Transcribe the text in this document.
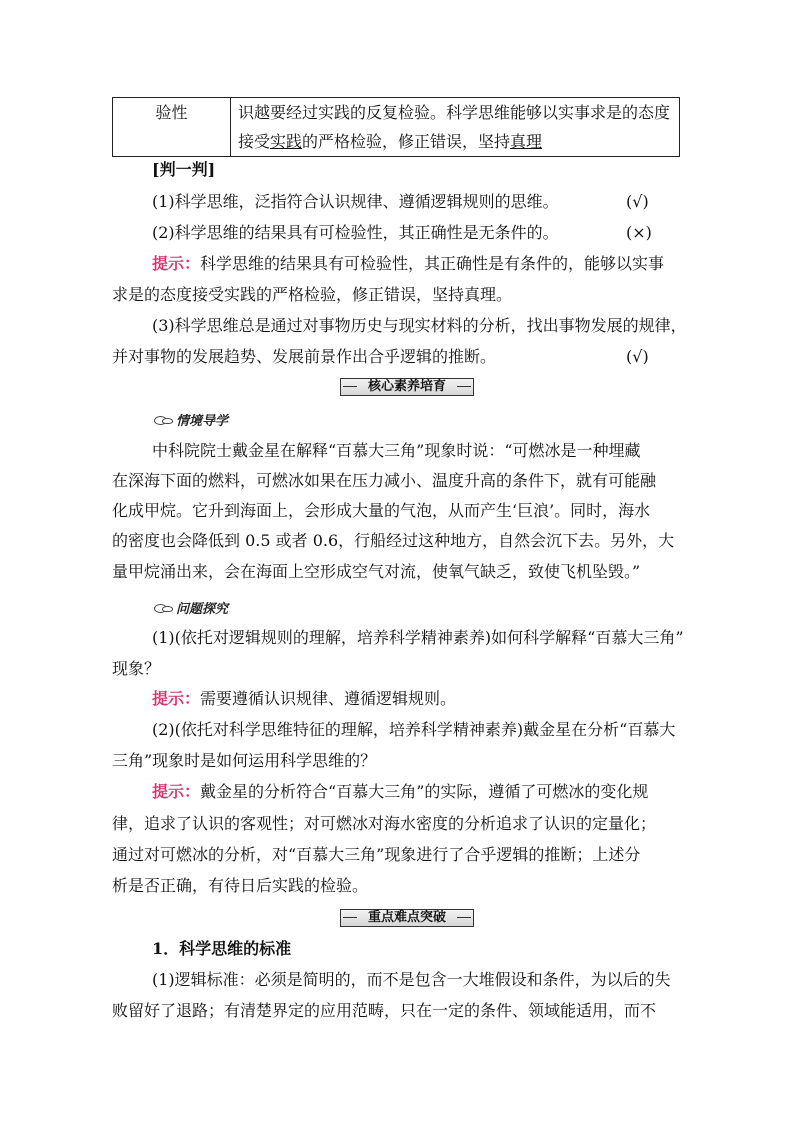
验性	识越要经过实践的反复检验。科学思维能够以实事求是的态度
接受实践的严格检验，修正错误，坚持真理
[判一判]
(1)科学思维，泛指符合认识规律、遵循逻辑规则的思维。	(√)
(2)科学思维的结果具有可检验性，其正确性是无条件的。	(×)
提示：科学思维的结果具有可检验性，其正确性是有条件的，能够以实事
求是的态度接受实践的严格检验，修正错误，坚持真理。
(3)科学思维总是通过对事物历史与现实材料的分析，找出事物发展的规律，
并对事物的发展趋势、发展前景作出合乎逻辑的推断。	(√)
核心素养培育
情境导学
中科院院士戴金星在解释“百慕大三角”现象时说：“可燃冰是一种埋藏
在深海下面的燃料，可燃冰如果在压力减小、温度升高的条件下，就有可能融
化成甲烷。它升到海面上，会形成大量的气泡，从而产生‘巨浪’。同时，海水
的密度也会降低到 0.5 或者 0.6，行船经过这种地方，自然会沉下去。另外，大
量甲烷涌出来，会在海面上空形成空气对流，使氧气缺乏，致使飞机坠毁。”
问题探究
(1)(依托对逻辑规则的理解，培养科学精神素养)如何科学解释“百慕大三角”
现象？
提示：需要遵循认识规律、遵循逻辑规则。
(2)(依托对科学思维特征的理解，培养科学精神素养)戴金星在分析“百慕大
三角”现象时是如何运用科学思维的？
提示：戴金星的分析符合“百慕大三角”的实际，遵循了可燃冰的变化规
律，追求了认识的客观性；对可燃冰对海水密度的分析追求了认识的定量化；
通过对可燃冰的分析，对“百慕大三角”现象进行了合乎逻辑的推断；上述分
析是否正确，有待日后实践的检验。
重点难点突破
1．科学思维的标准
(1)逻辑标准：必须是简明的，而不是包含一大堆假设和条件，为以后的失
败留好了退路；有清楚界定的应用范畴，只在一定的条件、领域能适用，而不
